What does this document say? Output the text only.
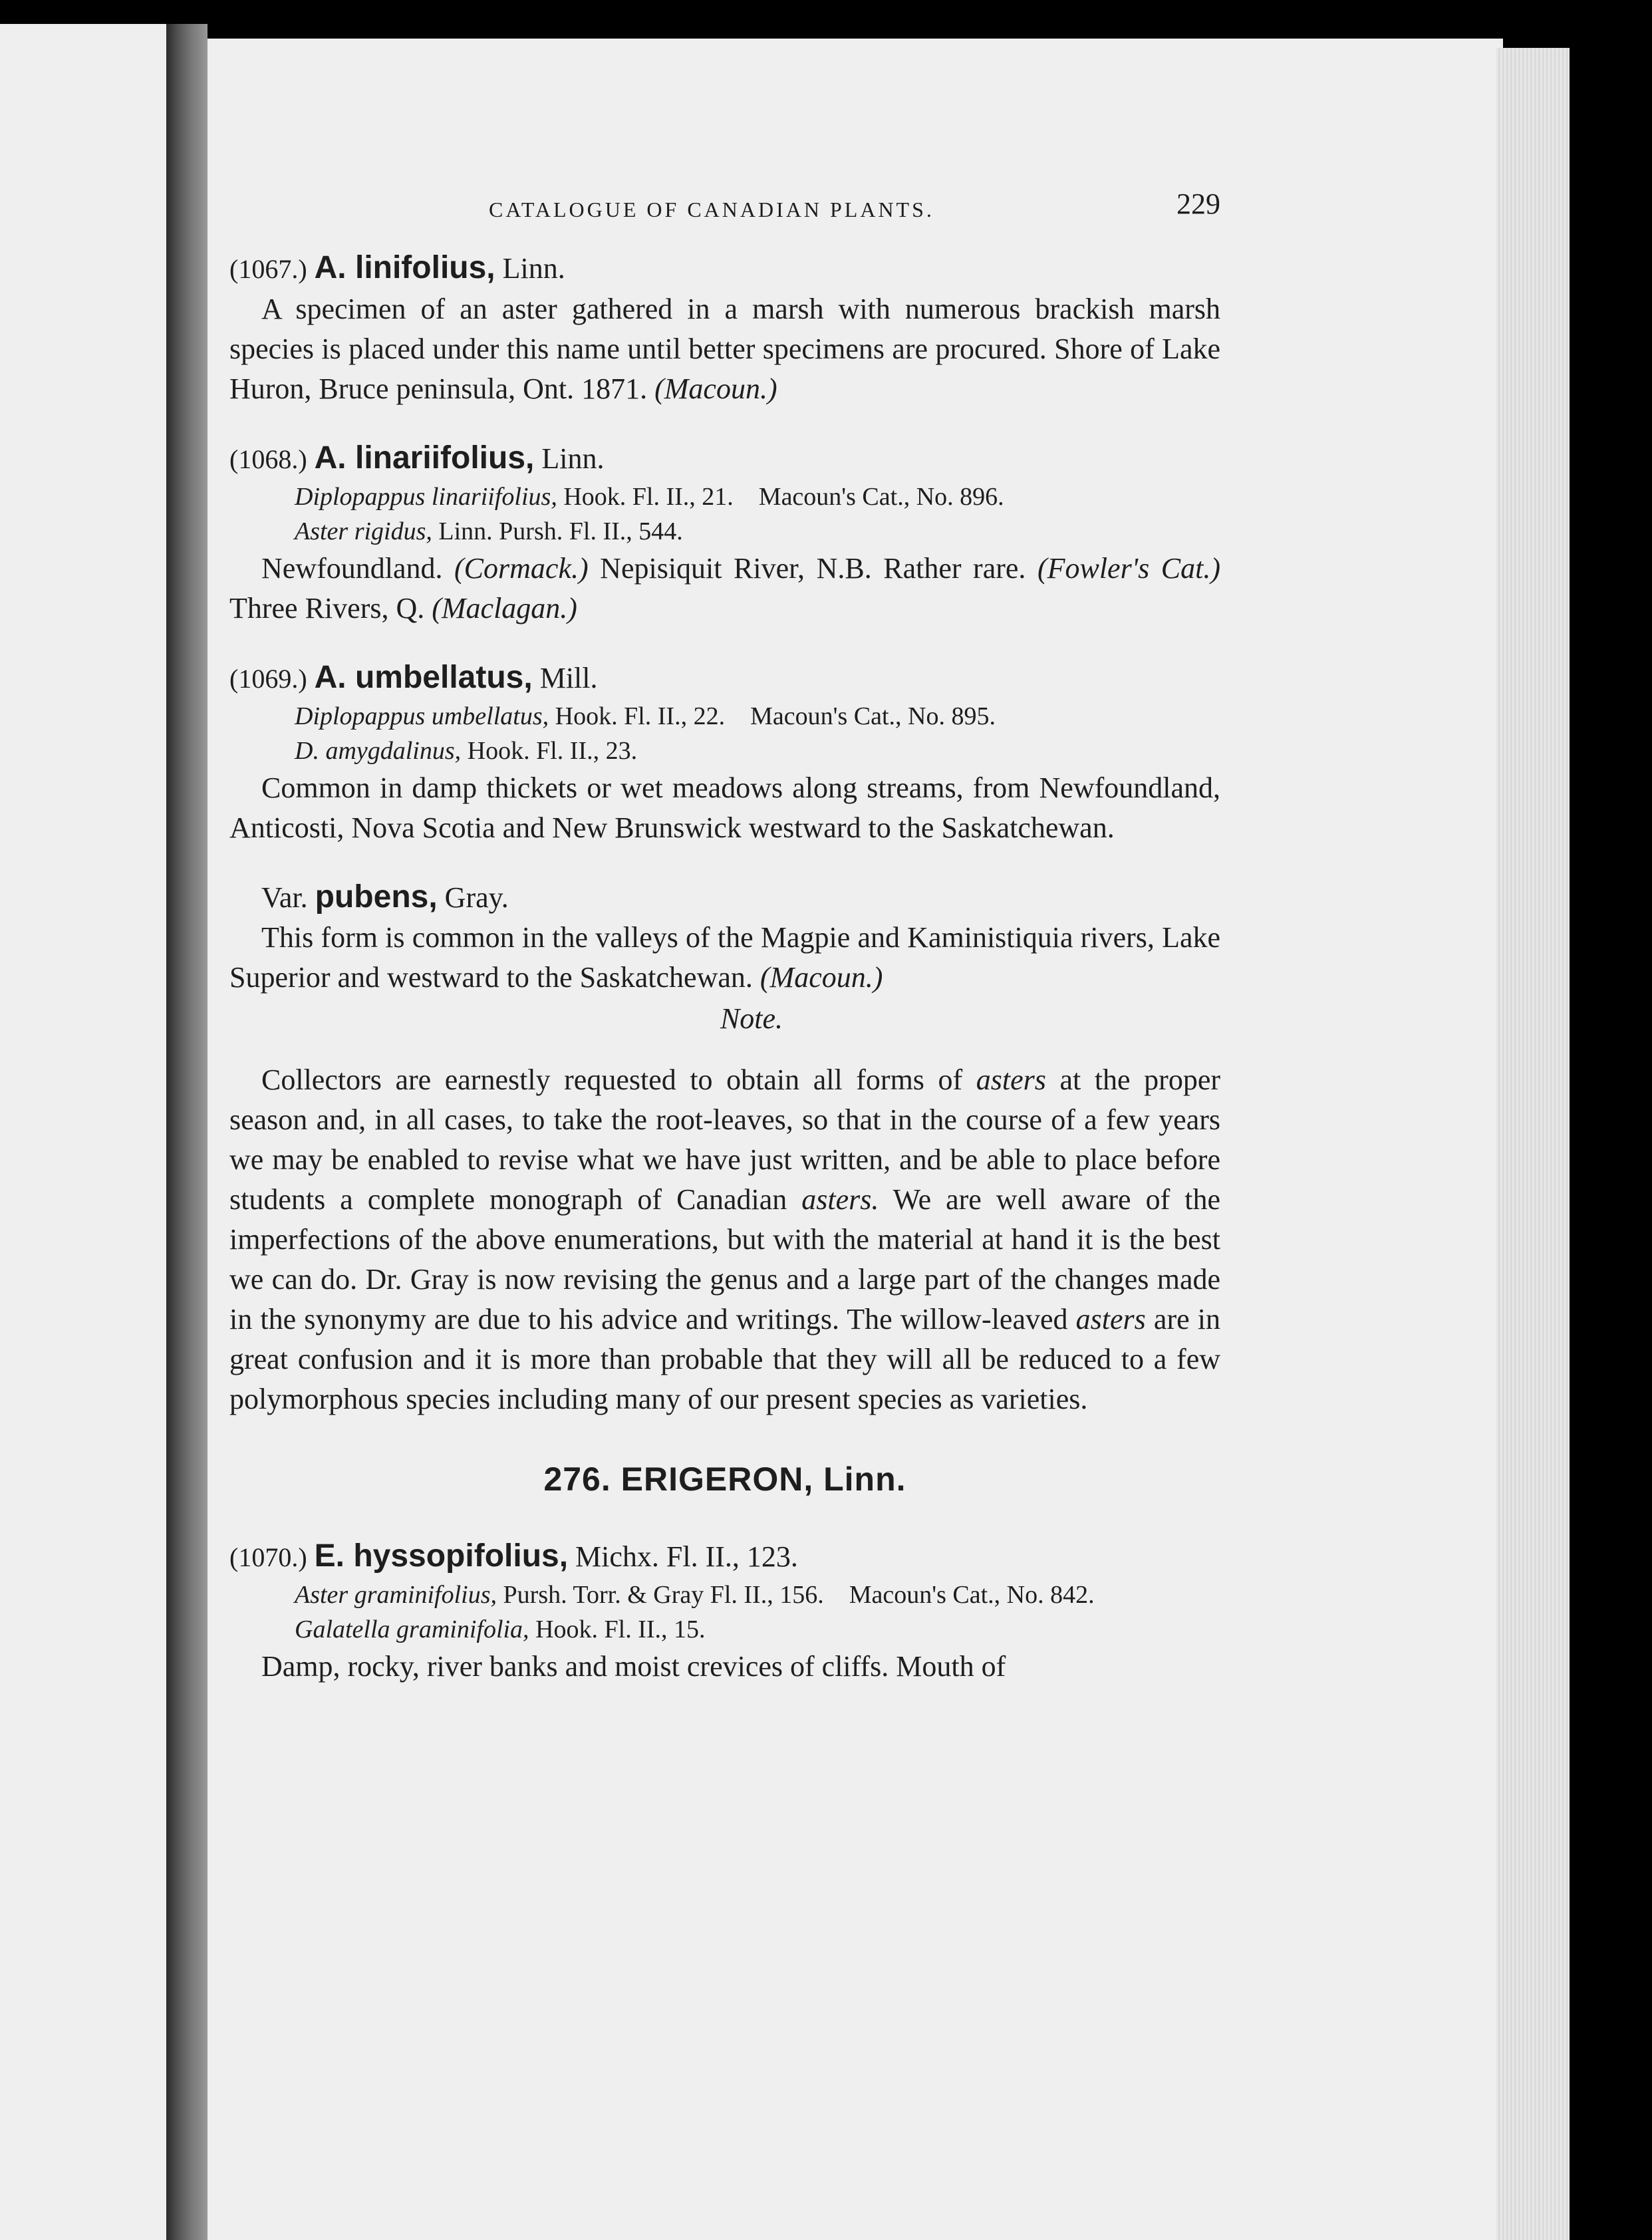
CATALOGUE OF CANADIAN PLANTS.	229

(1067.) A. linifolius, Linn.

A specimen of an aster gathered in a marsh with numerous brackish marsh species is placed under this name until better specimens are procured. Shore of Lake Huron, Bruce peninsula, Ont. 1871. (Macoun.)

(1068.) A. linariifolius, Linn.

Diplopappus linariifolius, Hook. Fl. II., 21. Macoun's Cat., No. 896.

Aster rigidus, Linn. Pursh. Fl. II., 544.

Newfoundland. (Cormack.) Nepisiquit River, N.B. Rather rare. (Fowler's Cat.) Three Rivers, Q. (Maclagan.)

(1069.) A. umbellatus, Mill.

Diplopappus umbellatus, Hook. Fl. II., 22. Macoun's Cat., No. 895.

D. amygdalinus, Hook. Fl. II., 23.

Common in damp thickets or wet meadows along streams, from Newfoundland, Anticosti, Nova Scotia and New Brunswick westward to the Saskatchewan.

Var. pubens, Gray.

This form is common in the valleys of the Magpie and Kaministiquia rivers, Lake Superior and westward to the Saskatchewan. (Macoun.)

Note.

Collectors are earnestly requested to obtain all forms of asters at the proper season and, in all cases, to take the root-leaves, so that in the course of a few years we may be enabled to revise what we have just written, and be able to place before students a complete monograph of Canadian asters. We are well aware of the imperfections of the above enumerations, but with the material at hand it is the best we can do. Dr. Gray is now revising the genus and a large part of the changes made in the synonymy are due to his advice and writings. The willow-leaved asters are in great confusion and it is more than probable that they will all be reduced to a few polymorphous species including many of our present species as varieties.

276. ERIGERON, Linn.

(1070.) E. hyssopifolius, Michx. Fl. II., 123.

Aster graminifolius, Pursh. Torr. & Gray Fl. II., 156. Macoun's Cat., No. 842.

Galatella graminifolia, Hook. Fl. II., 15.

Damp, rocky, river banks and moist crevices of cliffs. Mouth of
